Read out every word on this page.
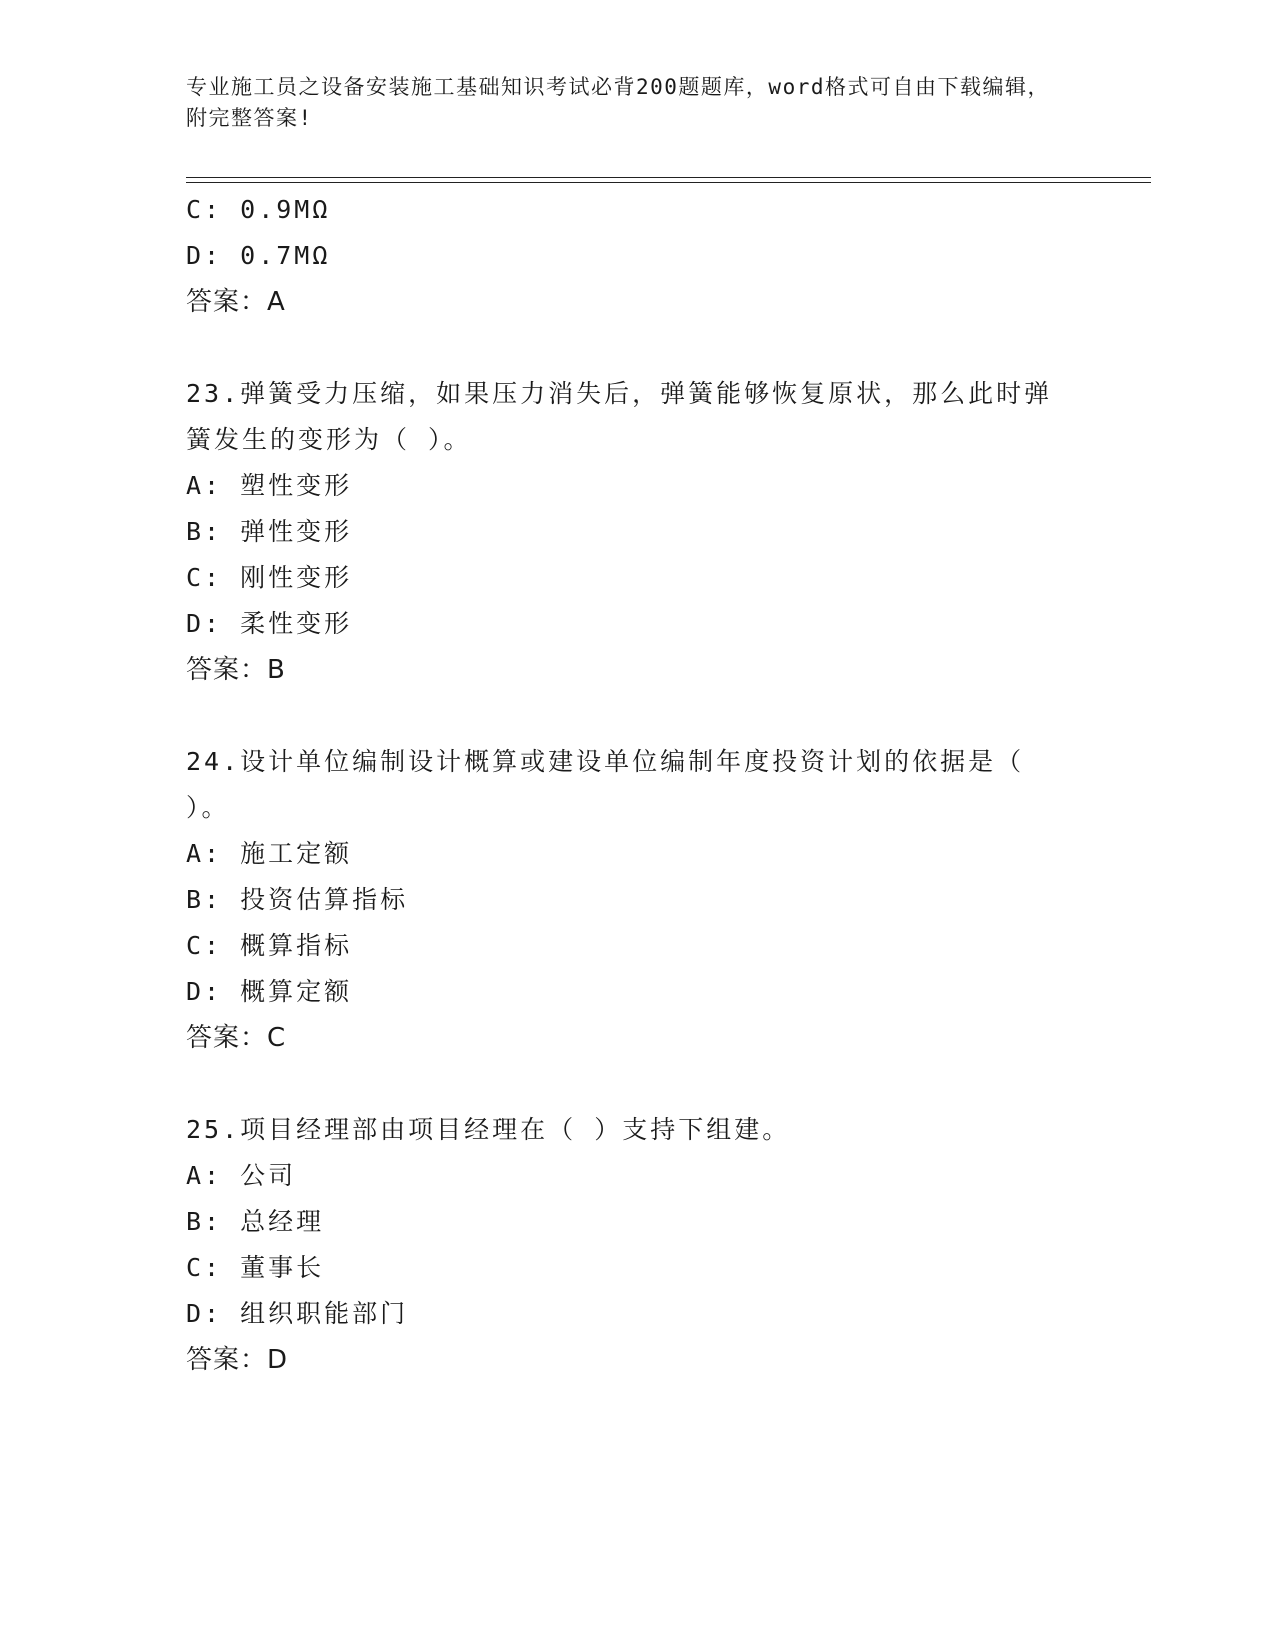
专业施工员之设备安装施工基础知识考试必背200题题库，word格式可自由下载编辑，附完整答案!
C: 0.9MΩ
D: 0.7MΩ
答案：A
23.弹簧受力压缩，如果压力消失后，弹簧能够恢复原状，那么此时弹
簧发生的变形为（ ）。
A: 塑性变形
B: 弹性变形
C: 刚性变形
D: 柔性变形
答案：B
24.设计单位编制设计概算或建设单位编制年度投资计划的依据是（
）。
A: 施工定额
B: 投资估算指标
C: 概算指标
D: 概算定额
答案：C
25.项目经理部由项目经理在（ ）支持下组建。
A: 公司
B: 总经理
C: 董事长
D: 组织职能部门
答案：D
